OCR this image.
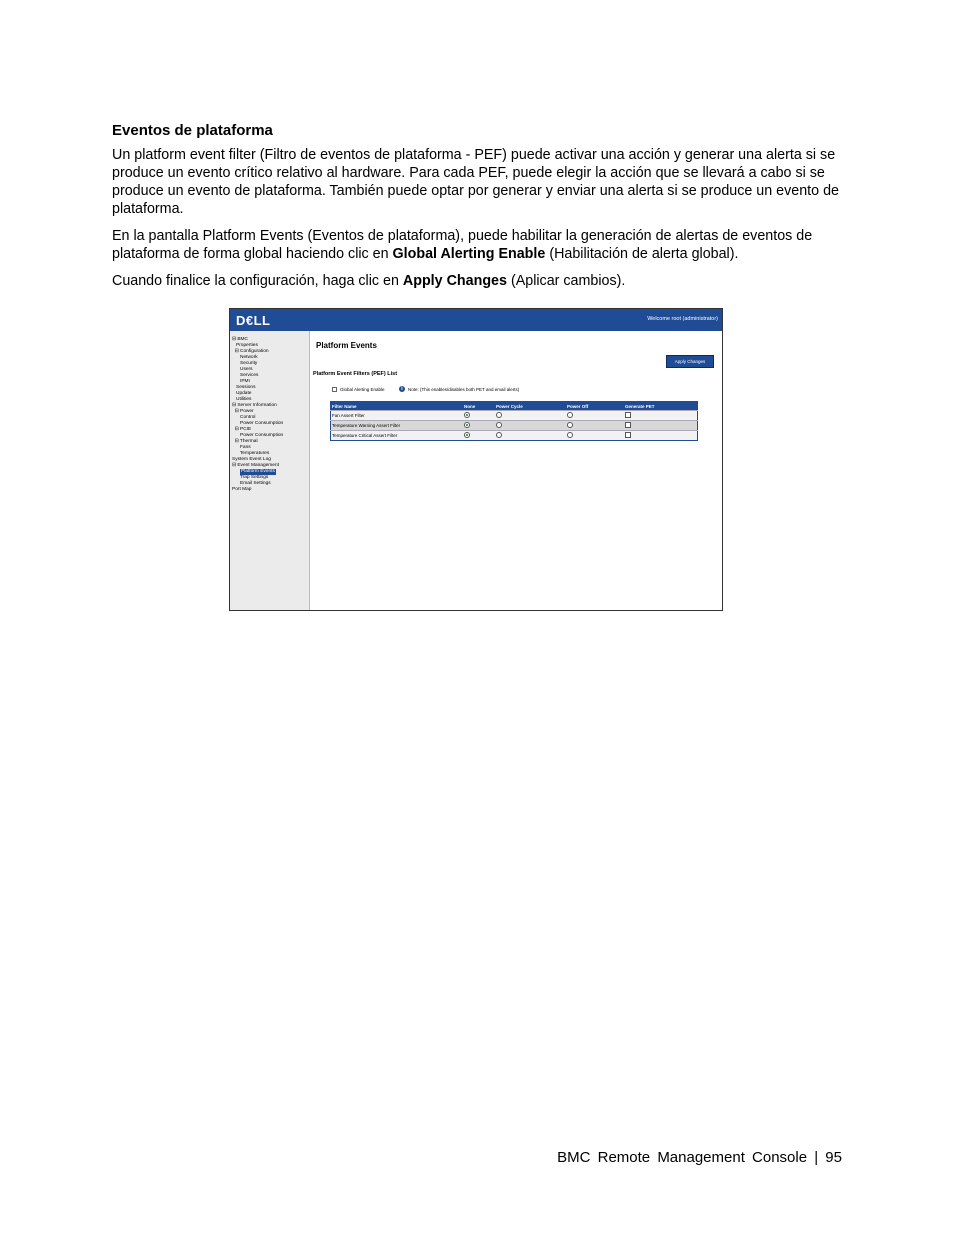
Eventos de plataforma
Un platform event filter (Filtro de eventos de plataforma - PEF) puede activar una acción y generar una alerta si se produce un evento crítico relativo al hardware. Para cada PEF, puede elegir la acción que se llevará a cabo si se produce un evento de plataforma. También puede optar por generar y enviar una alerta si se produce un evento de plataforma.
En la pantalla Platform Events (Eventos de plataforma), puede habilitar la generación de alertas de eventos de plataforma de forma global haciendo clic en Global Alerting Enable (Habilitación de alerta global).
Cuando finalice la configuración, haga clic en Apply Changes (Aplicar cambios).
D€LL	Welcome root (administrator)
⊟ BMC
Properties
⊟ Configuration
Network
Security
Users
Services
IPMI
Sessions
Update
Utilities
⊟ Server Information
⊟ Power
Control
Power Consumption
⊟ PCIE
Power Consumption
⊟ Thermal
Fans
Temperatures
System Event Log
⊟ Event Management
Platform Events
Trap Settings
Email Settings
Port Map
Platform Events
Apply Changes
Platform Event Filters (PEF) List
Global Alerting Enable	i	Note: (This enables/disables both PET and email alerts)
Filter Name	None	Power Cycle	Power Off	Generate PET
Fan Assert Filter				
Temperature Warning Assert Filter				
Temperature Critical Assert Filter				
BMC Remote Management Console | 95
